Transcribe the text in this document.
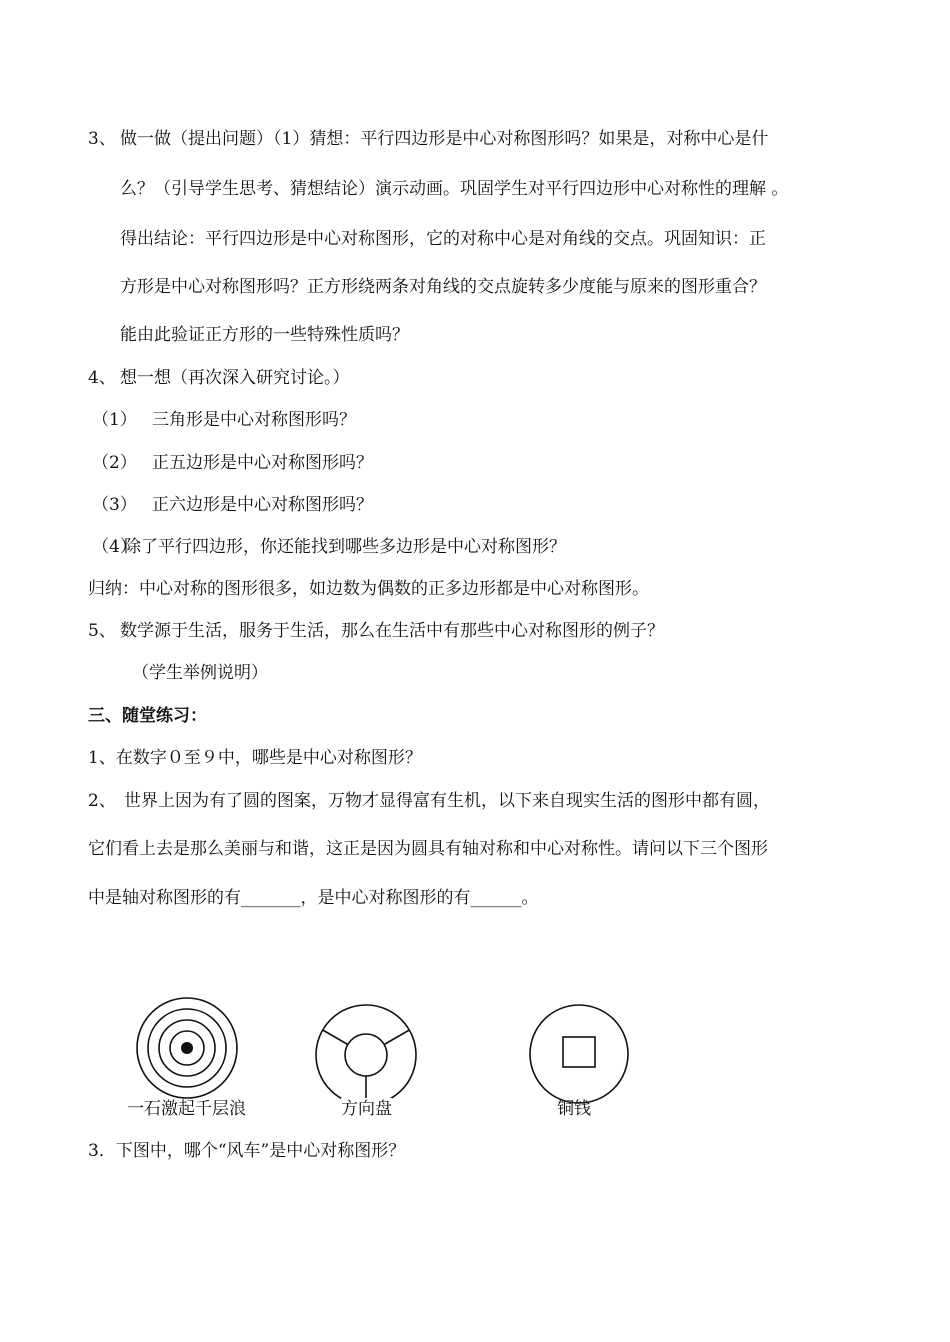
3、 做一做（提出问题）（1）猜想：平行四边形是中心对称图形吗？如果是，对称中心是什
么？（引导学生思考、猜想结论）演示动画。巩固学生对平行四边形中心对称性的理解 。
得出结论：平行四边形是中心对称图形，它的对称中心是对角线的交点。巩固知识：正
方形是中心对称图形吗？正方形绕两条对角线的交点旋转多少度能与原来的图形重合？
能由此验证正方形的一些特殊性质吗？
4、 想一想（再次深入研究讨论。）
（1） 三角形是中心对称图形吗？
（2） 正五边形是中心对称图形吗？
（3） 正六边形是中心对称图形吗？
（4）
除了平行四边形，你还能找到哪些多边形是中心对称图形？
归纳：中心对称的图形很多，如边数为偶数的正多边形都是中心对称图形。
5、 数学源于生活，服务于生活，那么在生活中有那些中心对称图形的例子？
（学生举例说明）
三、随堂练习：
1、在数字０至９中，哪些是中心对称图形？
2、 世界上因为有了圆的图案，万物才显得富有生机，以下来自现实生活的图形中都有圆，
它们看上去是那么美丽与和谐，这正是因为圆具有轴对称和中心对称性。请问以下三个图形
中是轴对称图形的有_______，是中心对称图形的有______。
一石激起千层浪	方向盘	铜钱
3．下图中，哪个“风车”是中心对称图形？
